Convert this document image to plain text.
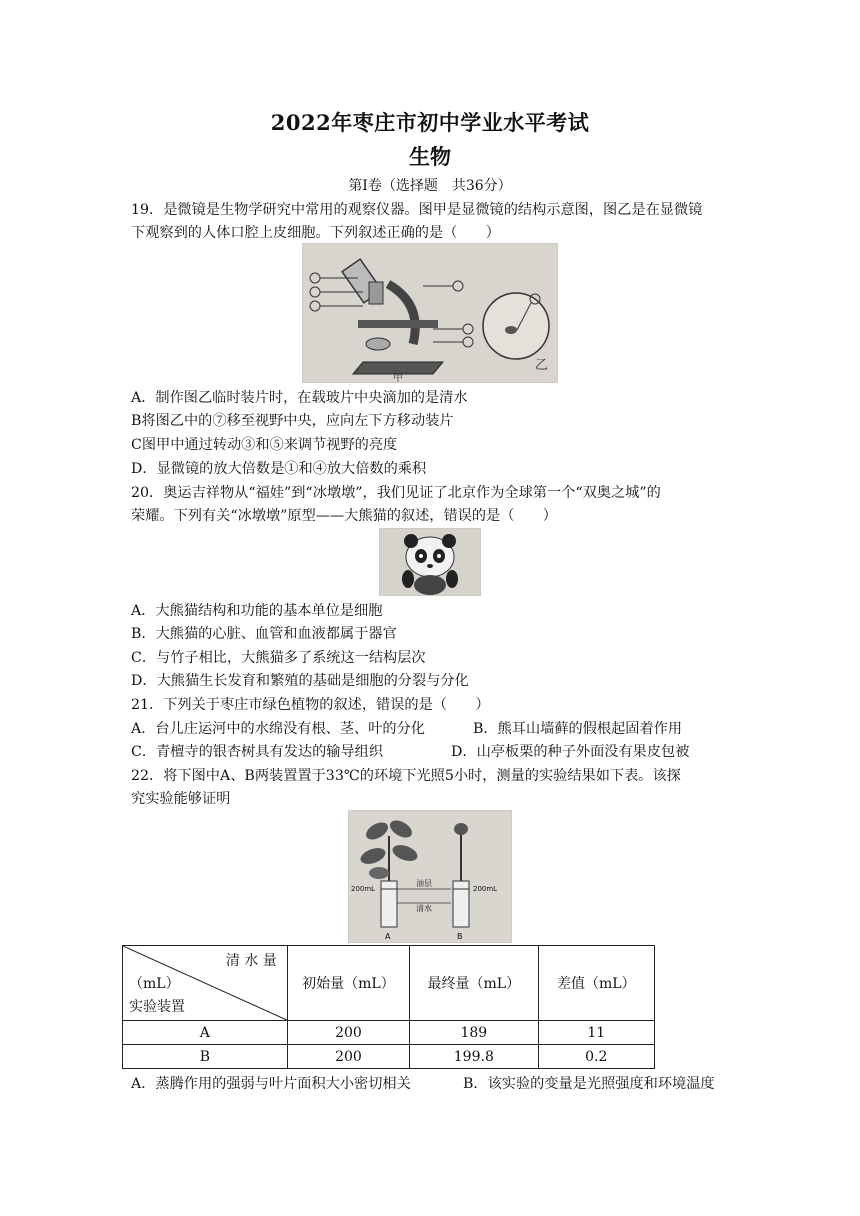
2022年枣庄市初中学业水平考试
生物
第Ⅰ卷（选择题　共36分）
19．是微镜是生物学研究中常用的观察仪器。图甲是显微镜的结构示意图，图乙是在显微镜
下观察到的人体口腔上皮细胞。下列叙述正确的是（　　）
乙
甲
A．制作图乙临时装片时，在载玻片中央滴加的是清水
B将图乙中的⑦移至视野中央，应向左下方移动装片
C图甲中通过转动③和⑤来调节视野的亮度
D．显微镜的放大倍数是①和④放大倍数的乘积
20．奥运吉祥物从“福娃”到“冰墩墩”，我们见证了北京作为全球第一个“双奥之城”的
荣耀。下列有关“冰墩墩”原型——大熊猫的叙述，错误的是（　　）
A．大熊猫结构和功能的基本单位是细胞
B．大熊猫的心脏、血管和血液都属于器官
C．与竹子相比，大熊猫多了系统这一结构层次
D．大熊猫生长发育和繁殖的基础是细胞的分裂与分化
21．下列关于枣庄市绿色植物的叙述，错误的是（　　）
A．台儿庄运河中的水绵没有根、茎、叶的分化	B．熊耳山墙藓的假根起固着作用
C．青檀寺的银杏树具有发达的输导组织	D．山亭板栗的种子外面没有果皮包被
22．将下图中A、B两装置置于33℃的环境下光照5小时，测量的实验结果如下表。该探
究实验能够证明
200mL	200mL
油层
清水
A	B
清 水 量
（mL）
实验装置	初始量（mL）	最终量（mL）	差值（mL）
A	200	189	11
B	200	199.8	0.2
A．蒸腾作用的强弱与叶片面积大小密切相关	B．该实验的变量是光照强度和环境温度
